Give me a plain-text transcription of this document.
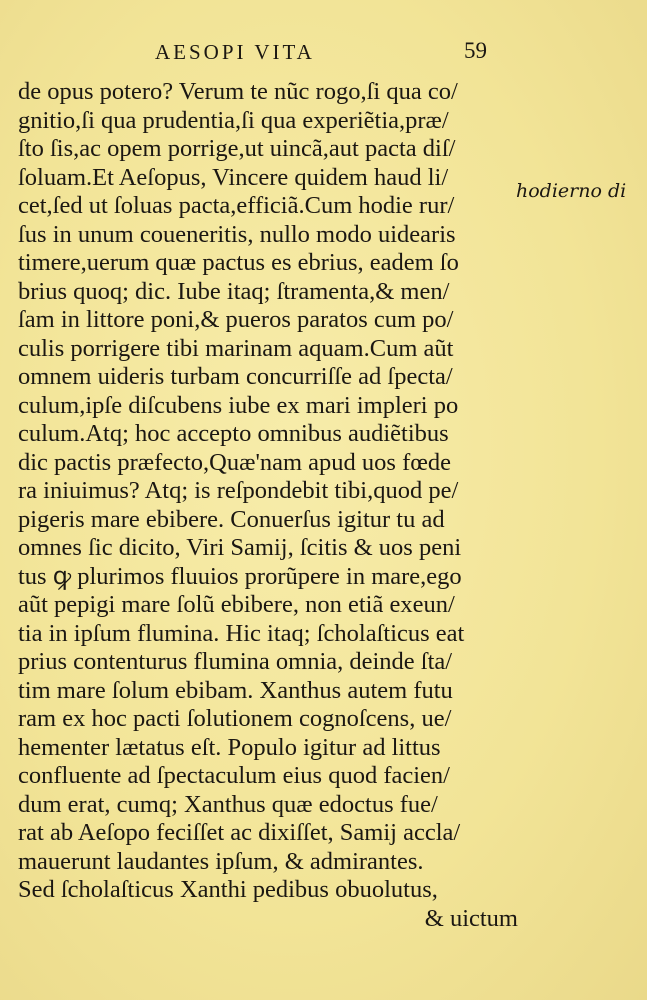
AESOPI VITA	59
de opus potero? Verum te nũc rogo,ſi qua co/
gnitio,ſi qua prudentia,ſi qua experiẽtia,præ/
ſto ſis,ac opem porrige,ut uincã,aut pacta diſ/
ſoluam.Et Aeſopus, Vincere quidem haud li/
cet,ſed ut ſoluas pacta,efficiã.Cum hodie rur/
ſus in unum coueneritis, nullo modo uidearis
timere,uerum quæ pactus es ebrius, eadem ſo
brius quoq; dic. Iube itaq; ſtramenta,& men/
ſam in littore poni,& pueros paratos cum po/
culis porrigere tibi marinam aquam.Cum aũt
omnem uideris turbam concurriſſe ad ſpecta/
culum,ipſe diſcubens iube ex mari impleri po
culum.Atq; hoc accepto omnibus audiẽtibus
dic pactis præfecto,Quæ'nam apud uos fœde
ra iniuimus? Atq; is reſpondebit tibi,quod pe/
pigeris mare ebibere. Conuerſus igitur tu ad
omnes ſic dicito, Viri Samij, ſcitis & uos peni
tus ꝙ plurimos fluuios prorũpere in mare,ego
aũt pepigi mare ſolũ ebibere, non etiã exeun/
tia in ipſum flumina. Hic itaq; ſcholaſticus eat
prius contenturus flumina omnia, deinde ſta/
tim mare ſolum ebibam. Xanthus autem futu
ram ex hoc pacti ſolutionem cognoſcens, ue/
hementer lætatus eſt. Populo igitur ad littus
confluente ad ſpectaculum eius quod facien/
dum erat, cumq; Xanthus quæ edoctus fue/
rat ab Aeſopo feciſſet ac dixiſſet, Samij accla/
mauerunt laudantes ipſum, & admirantes.
Sed ſcholaſticus Xanthi pedibus obuolutus,
& uictum
hodierno di
